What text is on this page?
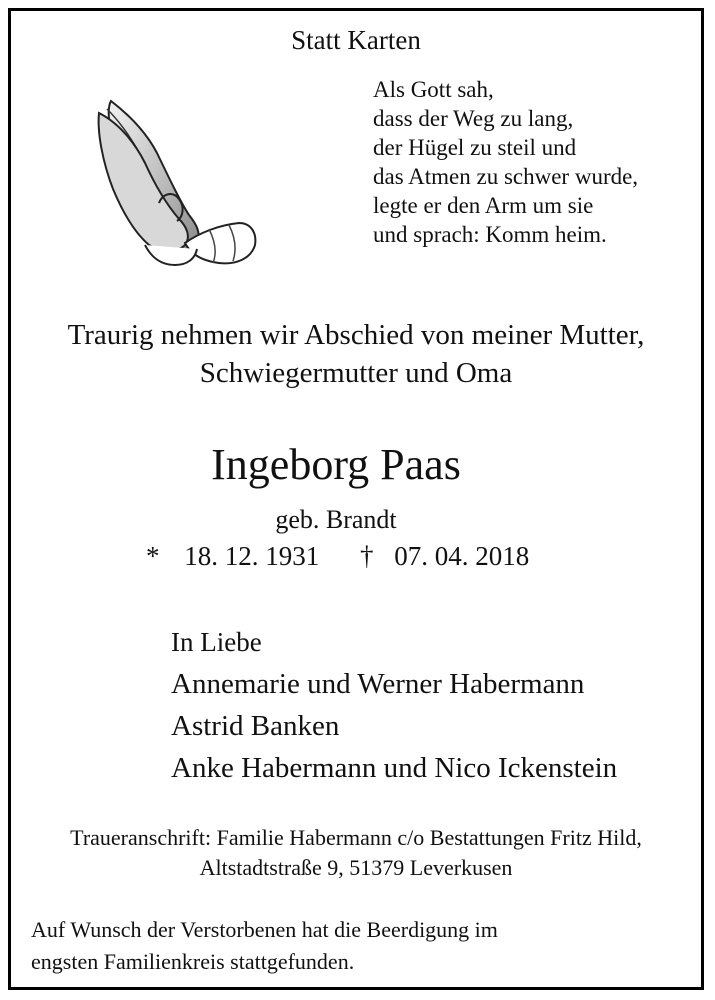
Statt Karten
Als Gott sah,
dass der Weg zu lang,
der Hügel zu steil und
das Atmen zu schwer wurde,
legte er den Arm um sie
und sprach: Komm heim.
Traurig nehmen wir Abschied von meiner Mutter,
Schwiegermutter und Oma
Ingeborg Paas
geb. Brandt
* 18. 12. 1931 † 07. 04. 2018
In Liebe
Annemarie und Werner Habermann
Astrid Banken
Anke Habermann und Nico Ickenstein
Traueranschrift: Familie Habermann c/o Bestattungen Fritz Hild,
Altstadtstraße 9, 51379 Leverkusen
Auf Wunsch der Verstorbenen hat die Beerdigung im
engsten Familienkreis stattgefunden.
